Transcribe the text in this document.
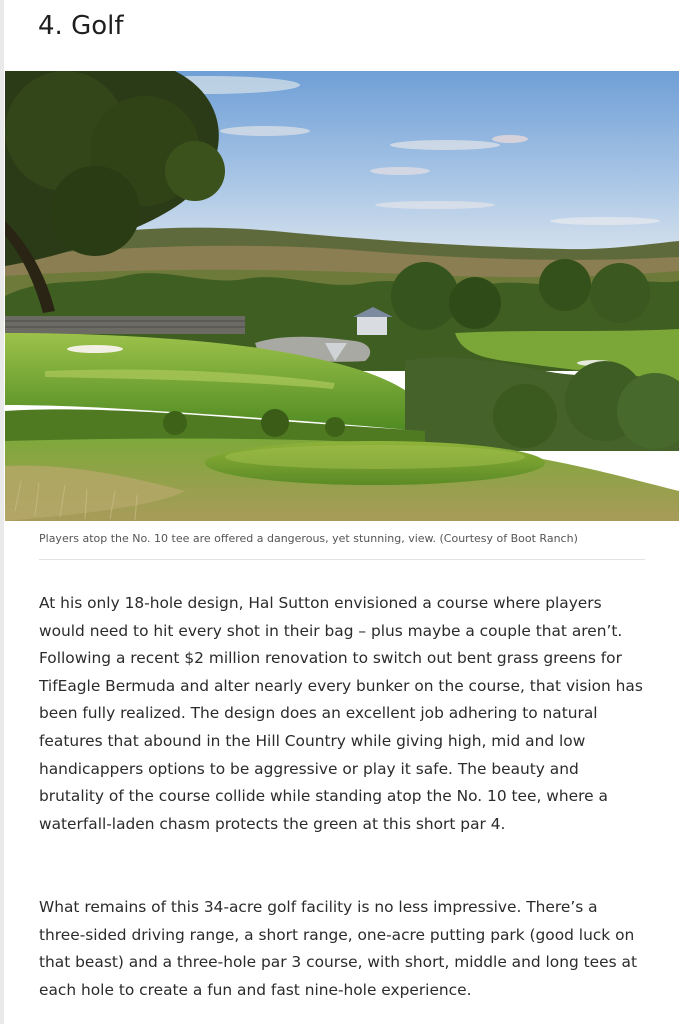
4. Golf

Players atop the No. 10 tee are offered a dangerous, yet stunning, view. (Courtesy of Boot Ranch)

At his only 18-hole design, Hal Sutton envisioned a course where players would need to hit every shot in their bag – plus maybe a couple that aren’t. Following a recent $2 million renovation to switch out bent grass greens for TifEagle Bermuda and alter nearly every bunker on the course, that vision has been fully realized. The design does an excellent job adhering to natural features that abound in the Hill Country while giving high, mid and low handicappers options to be aggressive or play it safe. The beauty and brutality of the course collide while standing atop the No. 10 tee, where a waterfall-laden chasm protects the green at this short par 4.

What remains of this 34-acre golf facility is no less impressive. There’s a three-sided driving range, a short range, one-acre putting park (good luck on that beast) and a three-hole par 3 course, with short, middle and long tees at each hole to create a fun and fast nine-hole experience.
